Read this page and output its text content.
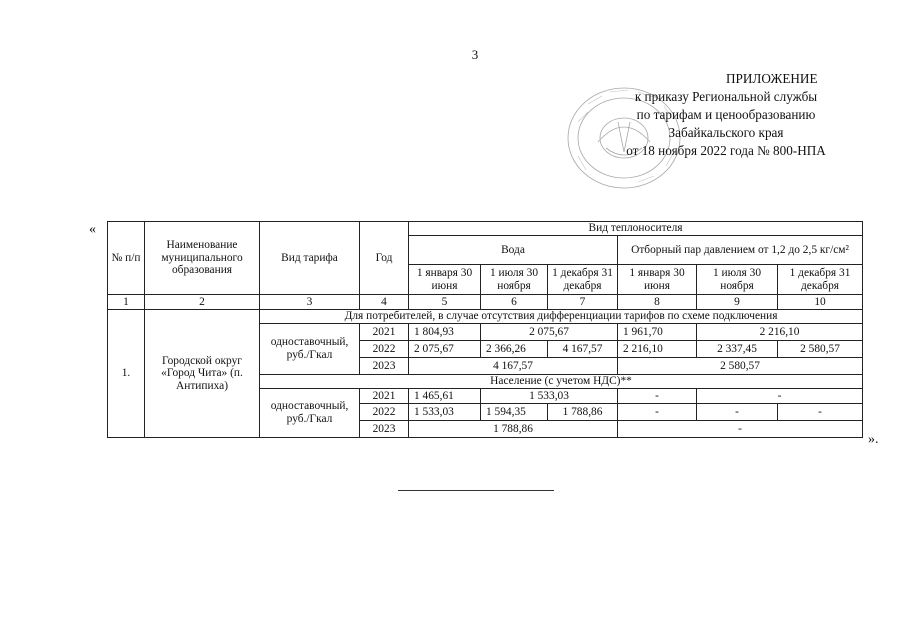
3
ПРИЛОЖЕНИЕ
к приказу Региональной службы
по тарифам и ценообразованию
Забайкальского края
от 18 ноября 2022 года № 800-НПА
«
№ п/п	Наименование муниципального образования	Вид тарифа	Год	Вид теплоносителя					
				Вода			Отборный пар давлением от 1,2 до 2,5 кг/см²		
				1 января 30 июня	1 июля 30 ноября	1 декабря 31 декабря	1 января 30 июня	1 июля 30 ноября	1 декабря 31 декабря
1	2	3	4	5	6	7	8	9	10
1.	Городской округ «Город Чита» (п. Антипиха)	Для потребителей, в случае отсутствия дифференциации тарифов по схеме подключения							
		одноставочный, руб./Гкал	2021	1 804,93	2 075,67		1 961,70	2 216,10	
			2022	2 075,67	2 366,26	4 167,57	2 216,10	2 337,45	2 580,57
			2023	4 167,57			2 580,57		
		Население (с учетом НДС)**							
		одноставочный, руб./Гкал	2021	1 465,61	1 533,03		-	-	
			2022	1 533,03	1 594,35	1 788,86	-	-	-
			2023	1 788,86			-		
».
